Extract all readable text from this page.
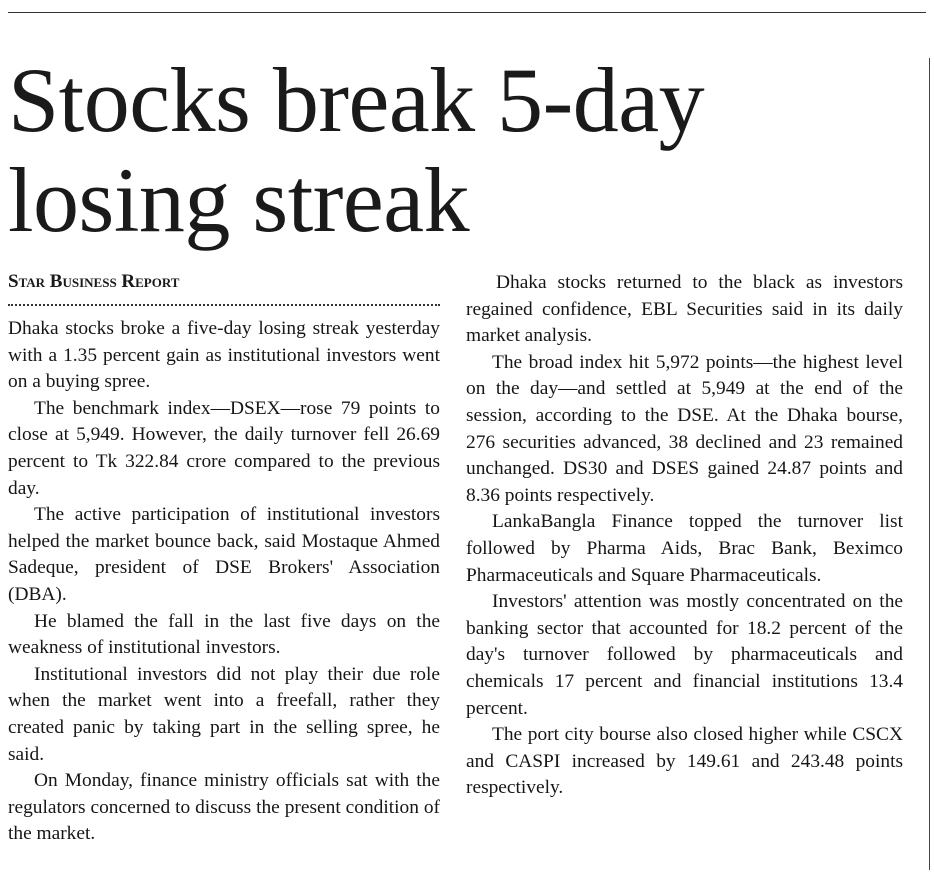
Stocks break 5-day losing streak
Star Business Report

Dhaka stocks broke a five-day losing streak yesterday with a 1.35 percent gain as institutional investors went on a buying spree.

The benchmark index—DSEX—rose 79 points to close at 5,949. However, the daily turnover fell 26.69 percent to Tk 322.84 crore compared to the previous day.

The active participation of institutional investors helped the market bounce back, said Mostaque Ahmed Sadeque, president of DSE Brokers' Association (DBA).

He blamed the fall in the last five days on the weakness of institutional investors.

Institutional investors did not play their due role when the market went into a freefall, rather they created panic by taking part in the selling spree, he said.

On Monday, finance ministry officials sat with the regulators concerned to discuss the present condition of the market.

Dhaka stocks returned to the black as investors regained confidence, EBL Securities said in its daily market analysis.

The broad index hit 5,972 points—the highest level on the day—and settled at 5,949 at the end of the session, according to the DSE. At the Dhaka bourse, 276 securities advanced, 38 declined and 23 remained unchanged. DS30 and DSES gained 24.87 points and 8.36 points respectively.

LankaBangla Finance topped the turnover list followed by Pharma Aids, Brac Bank, Beximco Pharmaceuticals and Square Pharmaceuticals.

Investors' attention was mostly concentrated on the banking sector that accounted for 18.2 percent of the day's turnover followed by pharmaceuticals and chemicals 17 percent and financial institutions 13.4 percent.

The port city bourse also closed higher while CSCX and CASPI increased by 149.61 and 243.48 points respectively.
